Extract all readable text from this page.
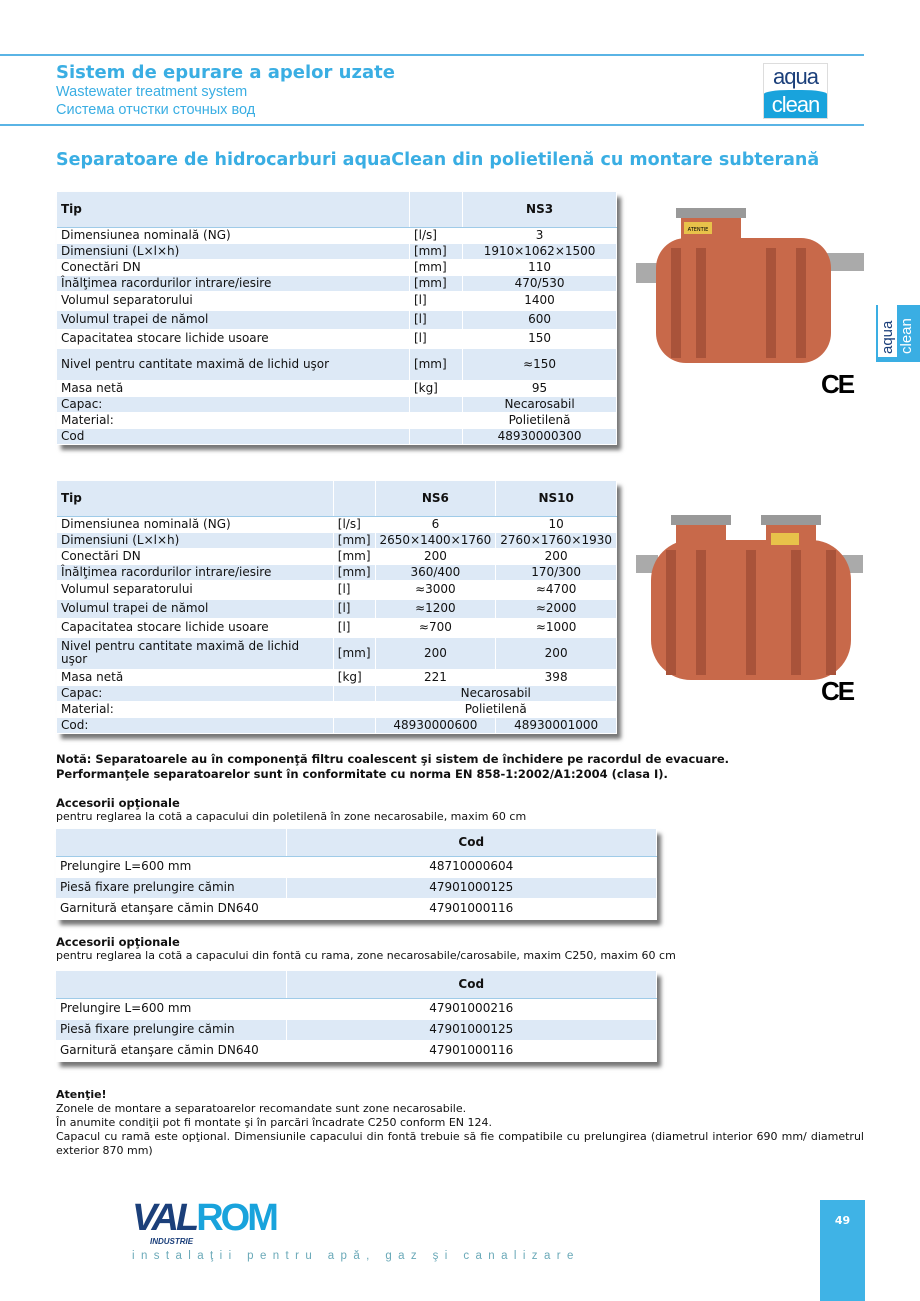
Sistem de epurare a apelor uzate
Wastewater treatment system
Система отчстки сточных вод
aqua
clean
Separatoare de hidrocarburi aquaClean din polietilenă cu montare subterană
Tip		NS3
Dimensiunea nominală (NG)	[l/s]	3
Dimensiuni (L×l×h)	[mm]	1910×1062×1500
Conectări DN	[mm]	110
Înălţimea racordurilor intrare/iesire	[mm]	470/530
Volumul separatorului	[l]	1400
Volumul trapei de nămol	[l]	600
Capacitatea stocare lichide usoare	[l]	150
Nivel pentru cantitate maximă de lichid uşor	[mm]	≈150
Masa netă	[kg]	95
Capac:		Necarosabil
Material:		Polietilenă
Cod		48930000300
Tip		NS6	NS10
Dimensiunea nominală (NG)	[l/s]	6	10
Dimensiuni (L×l×h)	[mm]	2650×1400×1760	2760×1760×1930
Conectări DN	[mm]	200	200
Înălţimea racordurilor intrare/iesire	[mm]	360/400	170/300
Volumul separatorului	[l]	≈3000	≈4700
Volumul trapei de nămol	[l]	≈1200	≈2000
Capacitatea stocare lichide usoare	[l]	≈700	≈1000
Nivel pentru cantitate maximă de lichid uşor	[mm]	200	200
Masa netă	[kg]	221	398
Capac:		Necarosabil	
Material:		Polietilenă	
Cod:		48930000600	48930001000
ATENTIE
CE
CE
aqua clean
Notă: Separatoarele au în componenţă filtru coalescent şi sistem de închidere pe racordul de evacuare.
Performanţele separatoarelor sunt în conformitate cu norma EN 858-1:2002/A1:2004 (clasa I).
Accesorii opţionale
pentru reglarea la cotă a capacului din poletilenă în zone necarosabile, maxim 60 cm
	Cod
Prelungire L=600 mm	48710000604
Piesă fixare prelungire cămin	47901000125
Garnitură etanşare cămin DN640	47901000116
Accesorii opţionale
pentru reglarea la cotă a capacului din fontă cu rama, zone necarosabile/carosabile, maxim C250, maxim 60 cm
	Cod
Prelungire L=600 mm	47901000216
Piesă fixare prelungire cămin	47901000125
Garnitură etanşare cămin DN640	47901000116
Atenţie!
Zonele de montare a separatoarelor recomandate sunt zone necarosabile.
În anumite condiţii pot fi montate şi în parcări încadrate C250 conform EN 124.
Capacul cu ramă este opţional. Dimensiunile capacului din fontă trebuie să fie compatibile cu prelungirea (diametrul interior 690 mm/ diametrul exterior 870 mm)
VALROM
INDUSTRIE
instalaţii pentru apă, gaz şi canalizare
49
